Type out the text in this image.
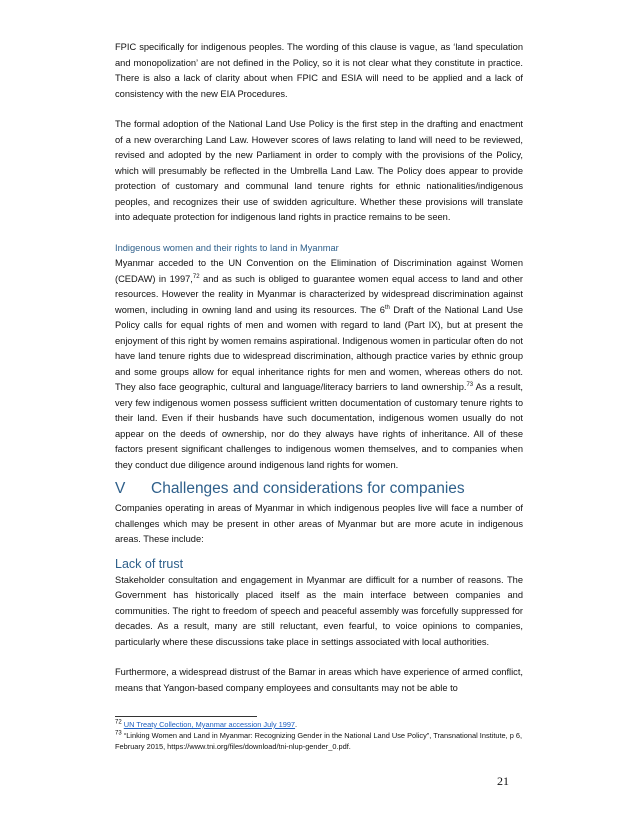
FPIC specifically for indigenous peoples. The wording of this clause is vague, as ‘land speculation and monopolization’ are not defined in the Policy, so it is not clear what they constitute in practice. There is also a lack of clarity about when FPIC and ESIA will need to be applied and a lack of consistency with the new EIA Procedures.

The formal adoption of the National Land Use Policy is the first step in the drafting and enactment of a new overarching Land Law. However scores of laws relating to land will need to be reviewed, revised and adopted by the new Parliament in order to comply with the provisions of the Policy, which will presumably be reflected in the Umbrella Land Law. The Policy does appear to provide protection of customary and communal land tenure rights for ethnic nationalities/indigenous peoples, and recognizes their use of swidden agriculture. Whether these provisions will translate into adequate protection for indigenous land rights in practice remains to be seen.

Indigenous women and their rights to land in Myanmar

Myanmar acceded to the UN Convention on the Elimination of Discrimination against Women (CEDAW) in 1997,72 and as such is obliged to guarantee women equal access to land and other resources. However the reality in Myanmar is characterized by widespread discrimination against women, including in owning land and using its resources. The 6th Draft of the National Land Use Policy calls for equal rights of men and women with regard to land (Part IX), but at present the enjoyment of this right by women remains aspirational. Indigenous women in particular often do not have land tenure rights due to widespread discrimination, although practice varies by ethnic group and some groups allow for equal inheritance rights for men and women, whereas others do not. They also face geographic, cultural and language/literacy barriers to land ownership.$^{73}$ As a result, very few indigenous women possess sufficient written documentation of customary tenure rights to their land. Even if their husbands have such documentation, indigenous women usually do not appear on the deeds of ownership, nor do they always have rights of inheritance. All of these factors present significant challenges to indigenous women themselves, and to companies when they conduct due diligence around indigenous land rights for women.

V	Challenges and considerations for companies

Companies operating in areas of Myanmar in which indigenous peoples live will face a number of challenges which may be present in other areas of Myanmar but are more acute in indigenous areas. These include:

Lack of trust

Stakeholder consultation and engagement in Myanmar are difficult for a number of reasons. The Government has historically placed itself as the main interface between companies and communities. The right to freedom of speech and peaceful assembly was forcefully suppressed for decades. As a result, many are still reluctant, even fearful, to voice opinions to companies, particularly where these discussions take place in settings associated with local authorities.

Furthermore, a widespread distrust of the Bamar in areas which have experience of armed conflict, means that Yangon-based company employees and consultants may not be able to

$^{72}$ UN Treaty Collection, Myanmar accession July 1997.

$^{73}$ “Linking Women and Land in Myanmar: Recognizing Gender in the National Land Use Policy”, Transnational Institute, p 6, February 2015, https://www.tni.org/files/download/tni-nlup-gender_0.pdf.

21
